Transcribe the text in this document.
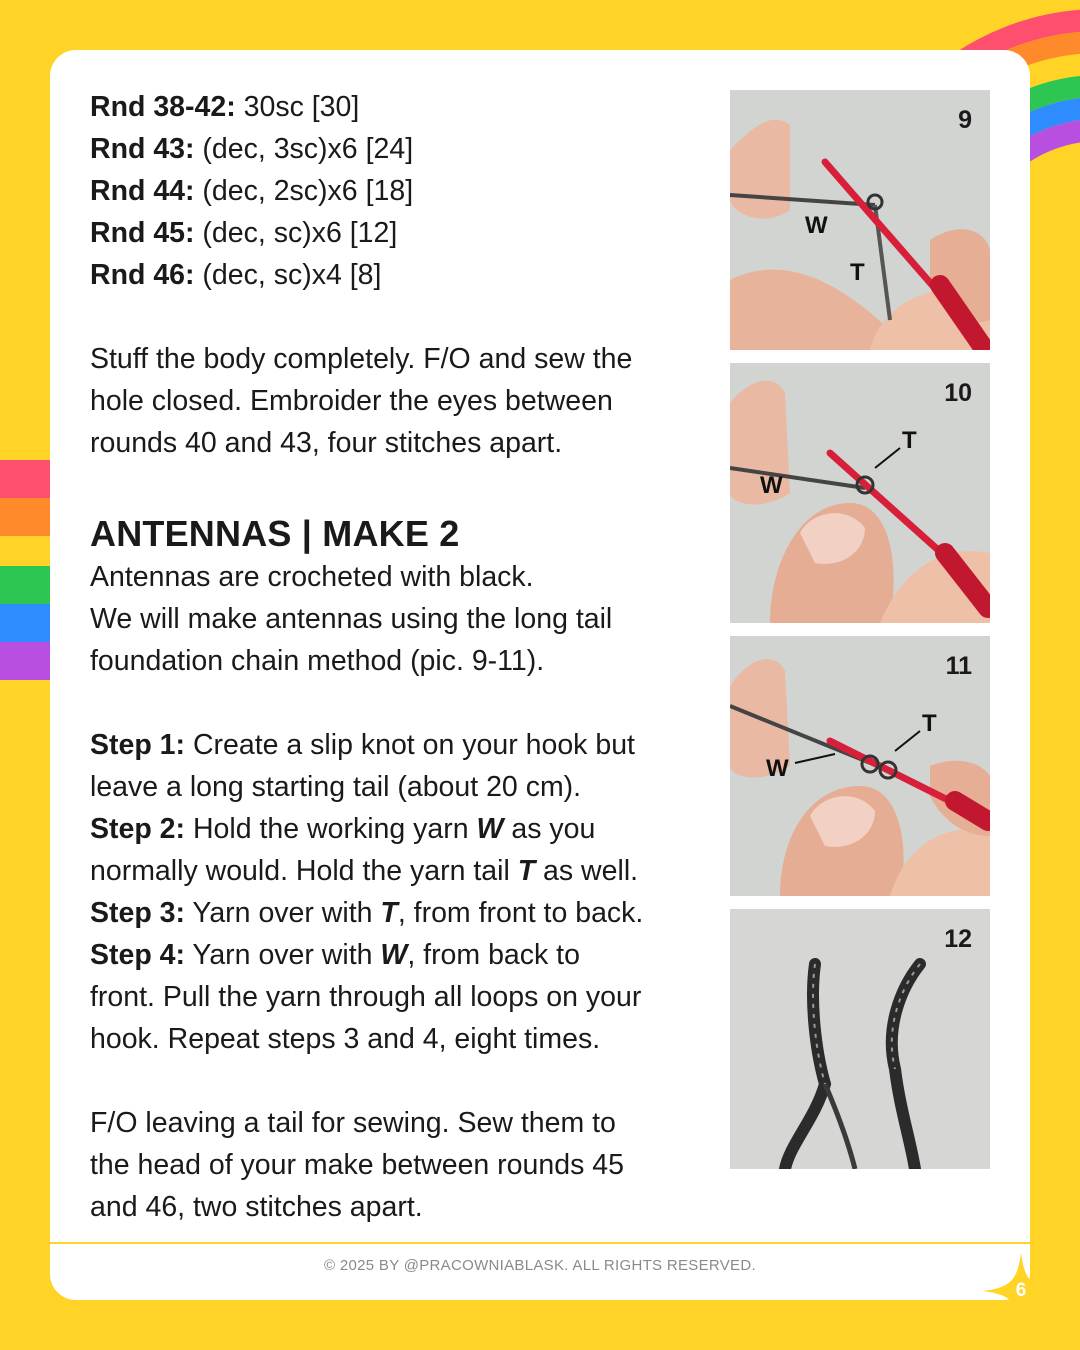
Rnd 38-42: 30sc [30]
Rnd 43: (dec, 3sc)x6 [24]
Rnd 44: (dec, 2sc)x6 [18]
Rnd 45: (dec, sc)x6 [12]
Rnd 46: (dec, sc)x4 [8]
Stuff the body completely. F/O and sew the
hole closed. Embroider the eyes between
rounds 40 and 43, four stitches apart.
ANTENNAS | MAKE 2
Antennas are crocheted with black.
We will make antennas using the long tail
foundation chain method (pic. 9-11).
Step 1: Create a slip knot on your hook but
leave a long starting tail (about 20 cm).
Step 2: Hold the working yarn W as you
normally would. Hold the yarn tail T as well.
Step 3: Yarn over with T, from front to back.
Step 4: Yarn over with W, from back to
front. Pull the yarn through all loops on your
hook. Repeat steps 3 and 4, eight times.
F/O leaving a tail for sewing. Sew them to
the head of your make between rounds 45
and 46, two stitches apart.
W
T
9
W
T
10
W
T
11
12
© 2025 BY @PRACOWNIABLASK. ALL RIGHTS RESERVED.
6
